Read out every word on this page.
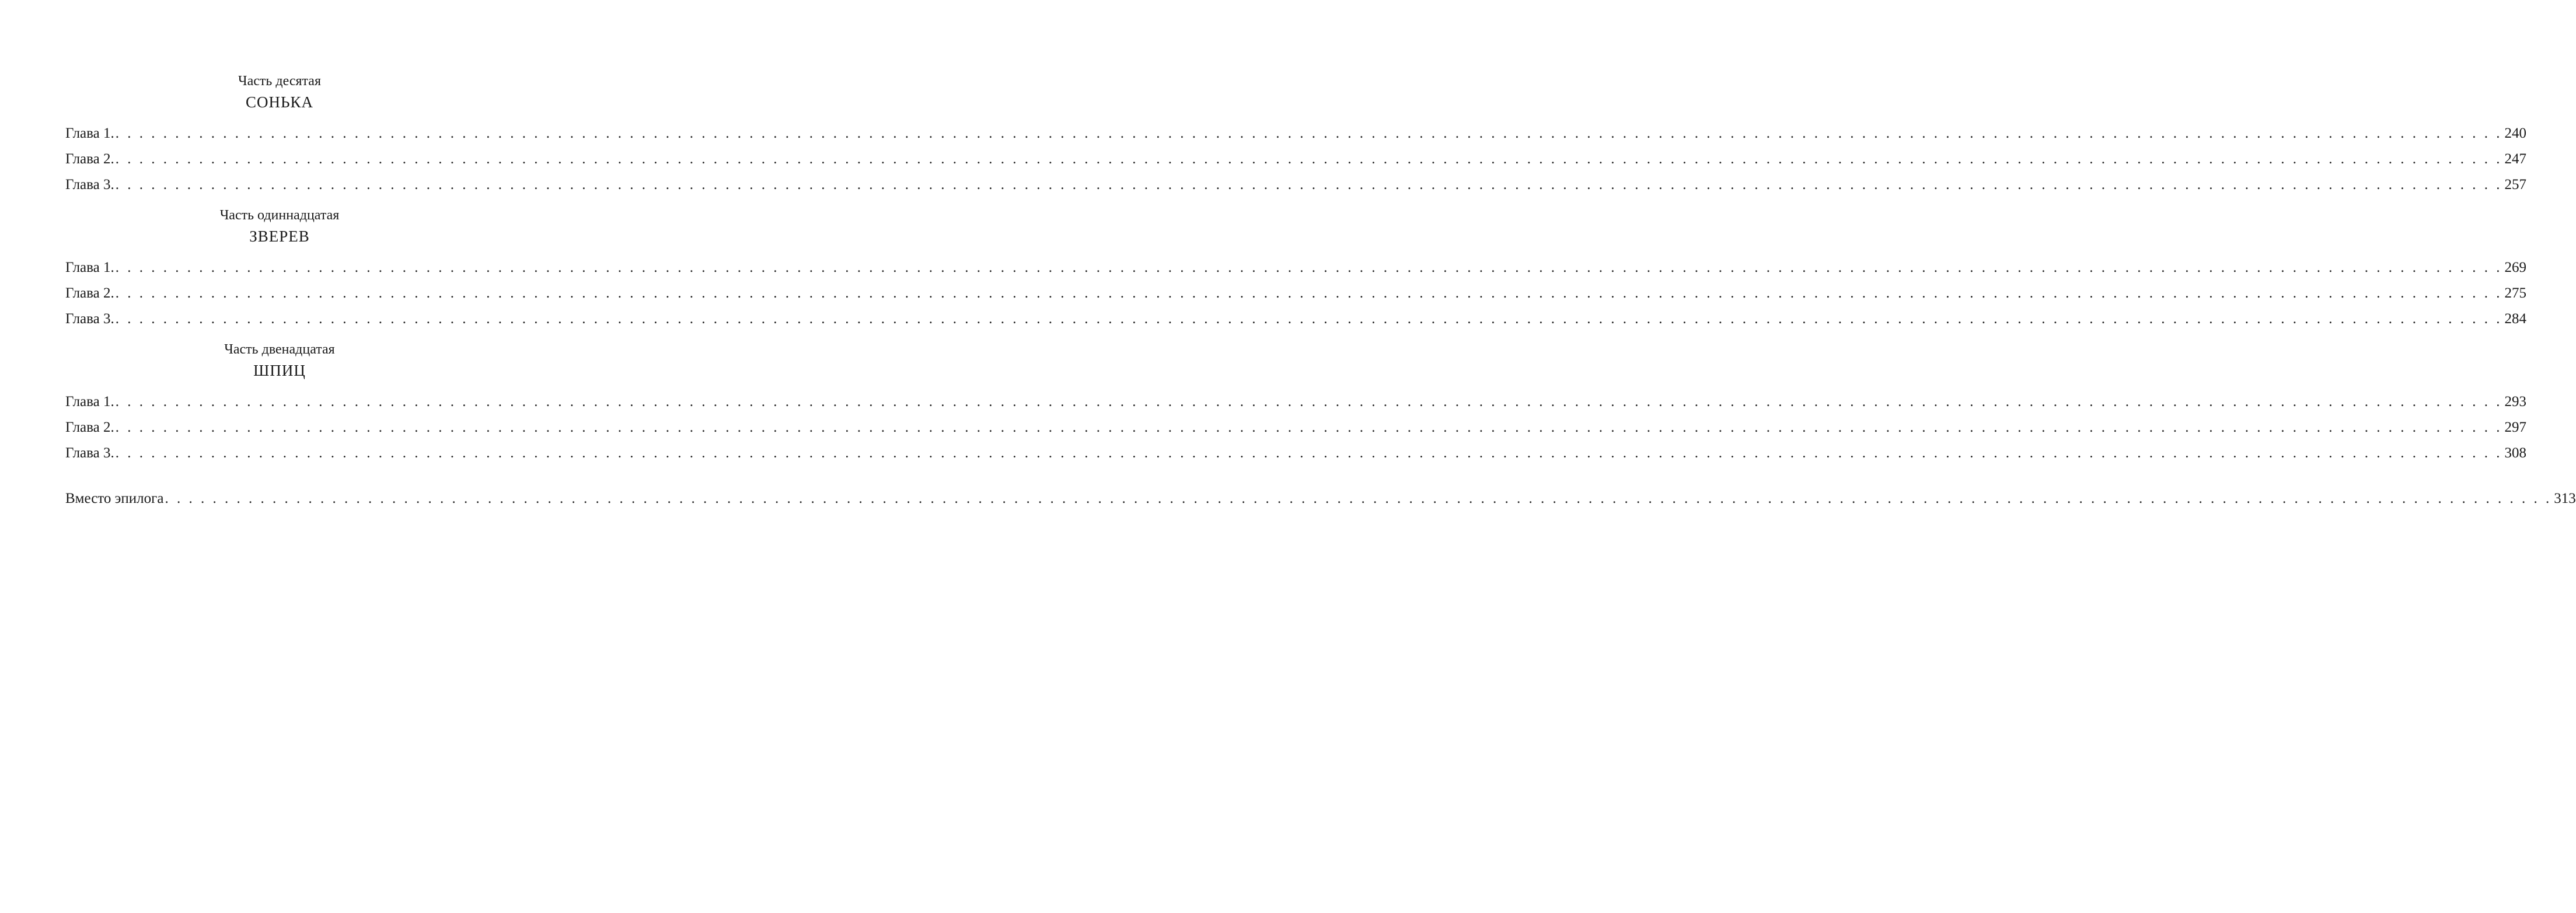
Часть десятая
СОНЬКА
Глава 1. . . . . . . . . . . . . . . . . . . . . . . . . . . . . . . . . . . . . . . . . . . . . . . . . . . . . . . . . . . . . . . . . . . . . . . . . . . . . . . . . . . . . . . . . . . . . . . . . . . . . . . . . . . . . . . . . . . . . . . . . . . . . . . . . . . . . . . . . . . . . . . . . . . . . . . . . . . . . . . . . . . . . . . . . . . . . . . . . . . . . . . . . . . . . . . . . . . . . . . . . 240
Глава 2. . . . . . . . . . . . . . . . . . . . . . . . . . . . . . . . . . . . . . . . . . . . . . . . . . . . . . . . . . . . . . . . . . . . . . . . . . . . . . . . . . . . . . . . . . . . . . . . . . . . . . . . . . . . . . . . . . . . . . . . . . . . . . . . . . . . . . . . . . . . . . . . . . . . . . . . . . . . . . . . . . . . . . . . . . . . . . . . . . . . . . . . . . . . . . . . . . . . . . . . . 247
Глава 3. . . . . . . . . . . . . . . . . . . . . . . . . . . . . . . . . . . . . . . . . . . . . . . . . . . . . . . . . . . . . . . . . . . . . . . . . . . . . . . . . . . . . . . . . . . . . . . . . . . . . . . . . . . . . . . . . . . . . . . . . . . . . . . . . . . . . . . . . . . . . . . . . . . . . . . . . . . . . . . . . . . . . . . . . . . . . . . . . . . . . . . . . . . . . . . . . . . . . . . . . 257
Часть одиннадцатая
ЗВЕРЕВ
Глава 1. . . . . . . . . . . . . . . . . . . . . . . . . . . . . . . . . . . . . . . . . . . . . . . . . . . . . . . . . . . . . . . . . . . . . . . . . . . . . . . . . . . . . . . . . . . . . . . . . . . . . . . . . . . . . . . . . . . . . . . . . . . . . . . . . . . . . . . . . . . . . . . . . . . . . . . . . . . . . . . . . . . . . . . . . . . . . . . . . . . . . . . . . . . . . . . . . . . . . . . . . 269
Глава 2. . . . . . . . . . . . . . . . . . . . . . . . . . . . . . . . . . . . . . . . . . . . . . . . . . . . . . . . . . . . . . . . . . . . . . . . . . . . . . . . . . . . . . . . . . . . . . . . . . . . . . . . . . . . . . . . . . . . . . . . . . . . . . . . . . . . . . . . . . . . . . . . . . . . . . . . . . . . . . . . . . . . . . . . . . . . . . . . . . . . . . . . . . . . . . . . . . . . . . . . . 275
Глава 3. . . . . . . . . . . . . . . . . . . . . . . . . . . . . . . . . . . . . . . . . . . . . . . . . . . . . . . . . . . . . . . . . . . . . . . . . . . . . . . . . . . . . . . . . . . . . . . . . . . . . . . . . . . . . . . . . . . . . . . . . . . . . . . . . . . . . . . . . . . . . . . . . . . . . . . . . . . . . . . . . . . . . . . . . . . . . . . . . . . . . . . . . . . . . . . . . . . . . . . . . 284
Часть двенадцатая
ШПИЦ
Глава 1. . . . . . . . . . . . . . . . . . . . . . . . . . . . . . . . . . . . . . . . . . . . . . . . . . . . . . . . . . . . . . . . . . . . . . . . . . . . . . . . . . . . . . . . . . . . . . . . . . . . . . . . . . . . . . . . . . . . . . . . . . . . . . . . . . . . . . . . . . . . . . . . . . . . . . . . . . . . . . . . . . . . . . . . . . . . . . . . . . . . . . . . . . . . . . . . . . . . . . . . . 293
Глава 2. . . . . . . . . . . . . . . . . . . . . . . . . . . . . . . . . . . . . . . . . . . . . . . . . . . . . . . . . . . . . . . . . . . . . . . . . . . . . . . . . . . . . . . . . . . . . . . . . . . . . . . . . . . . . . . . . . . . . . . . . . . . . . . . . . . . . . . . . . . . . . . . . . . . . . . . . . . . . . . . . . . . . . . . . . . . . . . . . . . . . . . . . . . . . . . . . . . . . . . . . 297
Глава 3. . . . . . . . . . . . . . . . . . . . . . . . . . . . . . . . . . . . . . . . . . . . . . . . . . . . . . . . . . . . . . . . . . . . . . . . . . . . . . . . . . . . . . . . . . . . . . . . . . . . . . . . . . . . . . . . . . . . . . . . . . . . . . . . . . . . . . . . . . . . . . . . . . . . . . . . . . . . . . . . . . . . . . . . . . . . . . . . . . . . . . . . . . . . . . . . . . . . . . . . . 308
Вместо эпилога . . . . . . . . . . . . . . . . . . . . . . . . . . . . . . . . . . . . . . . . . . . . . . . . . . . . . . . . . . . . . . . . . . . . . . . . . . . . . . . . . . . . . . . . . . . . . . . . . . . . . . . . . . . . . . . . . . . . . . . . . . . . . . . . . . . . . . . . . . . . . . . . . . . . . . . . . . . . . . . . . . . . . . . . . . . . . . . . . . . . . . . . . . . . . . . . . . . . . . . . 313
